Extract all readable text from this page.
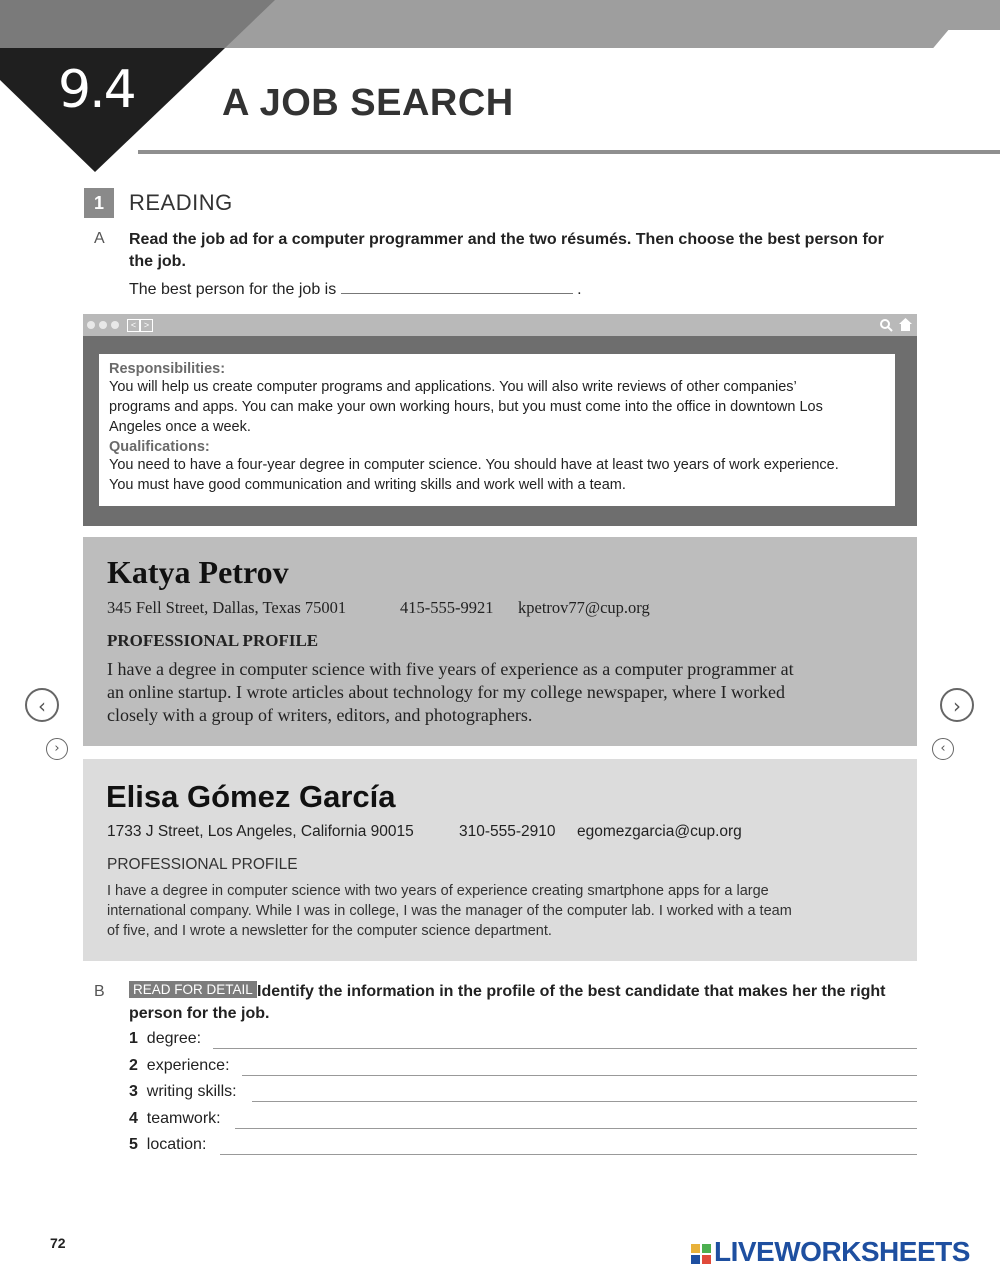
9.4 A JOB SEARCH
1	READING
A Read the job ad for a computer programmer and the two résumés. Then choose the best person for
the job.
The best person for the job is	.
< >
Responsibilities:
You will help us create computer programs and applications. You will also write reviews of other companies’
programs and apps. You can make your own working hours, but you must come into the office in downtown Los
Angeles once a week.
Qualifications:
You need to have a four-year degree in computer science. You should have at least two years of work experience.
You must have good communication and writing skills and work well with a team.
Katya Petrov
345 Fell Street, Dallas, Texas 75001	415-555-9921 kpetrov77@cup.org
PROFESSIONAL PROFILE
I have a degree in computer science with five years of experience as a computer programmer at
an online startup. I wrote articles about technology for my college newspaper, where I worked
closely with a group of writers, editors, and photographers.
Elisa Gómez García
1733 J Street, Los Angeles, California 90015	310-555-2910 egomezgarcia@cup.org
PROFESSIONAL PROFILE
I have a degree in computer science with two years of experience creating smartphone apps for a large
international company. While I was in college, I was the manager of the computer lab. I worked with a team
of five, and I wrote a newsletter for the computer science department.
‹
›
›
‹
B READ FOR DETAIL Identify the information in the profile of the best candidate that makes her the right
person for the job.
1 degree:
2 experience:
3 writing skills:
4 teamwork:
5 location:
72	LIVEWORKSHEETS
